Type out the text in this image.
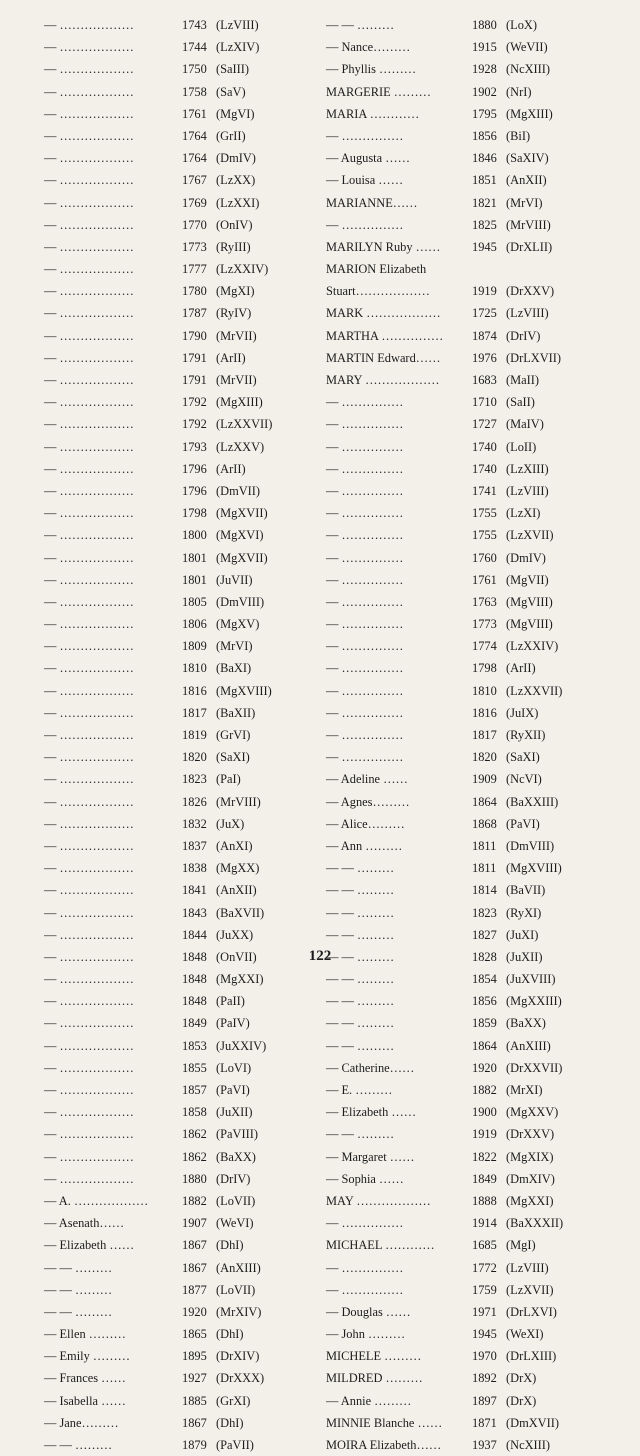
— ………………	1743 (LzVIII)
— ………………	1744 (LzXIV)
— ………………	1750 (SaIII)
— ………………	1758 (SaV)
— ………………	1761 (MgVI)
— ………………	1764 (GrII)
— ………………	1764 (DmIV)
— ………………	1767 (LzXX)
— ………………	1769 (LzXXI)
— ………………	1770 (OnIV)
— ………………	1773 (RyIII)
— ………………	1777 (LzXXIV)
— ………………	1780 (MgXI)
— ………………	1787 (RyIV)
— ………………	1790 (MrVII)
— ………………	1791 (ArII)
— ………………	1791 (MrVII)
— ………………	1792 (MgXIII)
— ………………	1792 (LzXXVII)
— ………………	1793 (LzXXV)
— ………………	1796 (ArII)
— ………………	1796 (DmVII)
— ………………	1798 (MgXVII)
— ………………	1800 (MgXVI)
— ………………	1801 (MgXVII)
— ………………	1801 (JuVII)
— ………………	1805 (DmVIII)
— ………………	1806 (MgXV)
— ………………	1809 (MrVI)
— ………………	1810 (BaXI)
— ………………	1816 (MgXVIII)
— ………………	1817 (BaXII)
— ………………	1819 (GrVI)
— ………………	1820 (SaXI)
— ………………	1823 (PaI)
— ………………	1826 (MrVIII)
— ………………	1832 (JuX)
— ………………	1837 (AnXI)
— ………………	1838 (MgXX)
— ………………	1841 (AnXII)
— ………………	1843 (BaXVII)
— ………………	1844 (JuXX)
— ………………	1848 (OnVII)
— ………………	1848 (MgXXI)
— ………………	1848 (PaII)
— ………………	1849 (PaIV)
— ………………	1853 (JuXXIV)
— ………………	1855 (LoVI)
— ………………	1857 (PaVI)
— ………………	1858 (JuXII)
— ………………	1862 (PaVIII)
— ………………	1862 (BaXX)
— ………………	1880 (DrIV)
— A. ………………	1882 (LoVII)
— Asenath……	1907 (WeVI)
— Elizabeth ……	1867 (DhI)
— — ………	1867 (AnXIII)
— — ………	1877 (LoVII)
— — ………	1920 (MrXIV)
— Ellen ………	1865 (DhI)
— Emily ………	1895 (DrXIV)
— Frances ……	1927 (DrXXX)
— Isabella ……	1885 (GrXI)
— Jane………	1867 (DhI)
— — ………	1879 (PaVII)
— — ………	1880 (LoX)
— Nance………	1915 (WeVII)
— Phyllis ………	1928 (NcXIII)
MARGERIE ………	1902 (NrI)
MARIA …………	1795 (MgXIII)
— ……………	1856 (BiI)
— Augusta ……	1846 (SaXIV)
— Louisa ……	1851 (AnXII)
MARIANNE……	1821 (MrVI)
— ……………	1825 (MrVIII)
MARILYN Ruby ……	1945 (DrXLII)
MARION Elizabeth
Stuart………………	1919 (DrXXV)
MARK ………………	1725 (LzVIII)
MARTHA …………… 1874 (DrIV)
MARTIN Edward……	1976 (DrLXVII)
MARY ………………	1683 (MaII)
— ……………	1710 (SaII)
— ……………	1727 (MaIV)
— ……………	1740 (LoII)
— ……………	1740 (LzXIII)
— ……………	1741 (LzVIII)
— ……………	1755 (LzXI)
— ……………	1755 (LzXVII)
— ……………	1760 (DmIV)
— ……………	1761 (MgVII)
— ……………	1763 (MgVIII)
— ……………	1773 (MgVIII)
— ……………	1774 (LzXXIV)
— ……………	1798 (ArII)
— ……………	1810 (LzXXVII)
— ……………	1816 (JuIX)
— ……………	1817 (RyXII)
— ……………	1820 (SaXI)
— Adeline ……	1909 (NcVI)
— Agnes………	1864 (BaXXIII)
— Alice………	1868 (PaVI)
— Ann ………	1811 (DmVIII)
— — ………	1811 (MgXVIII)
— — ………	1814 (BaVII)
— — ………	1823 (RyXI)
— — ………	1827 (JuXI)
— — ………	1828 (JuXII)
— — ………	1854 (JuXVIII)
— — ………	1856 (MgXXIII)
— — ………	1859 (BaXX)
— — ………	1864 (AnXIII)
— Catherine……	1920 (DrXXVII)
— E. ………	1882 (MrXI)
— Elizabeth ……	1900 (MgXXV)
— — ………	1919 (DrXXV)
— Margaret ……	1822 (MgXIX)
— Sophia ……	1849 (DmXIV)
MAY ………………	1888 (MgXXI)
— ……………	1914 (BaXXXII)
MICHAEL …………	1685 (MgI)
— ……………	1772 (LzVIII)
— ……………	1759 (LzXVII)
— Douglas ……	1971 (DrLXVI)
— John ………	1945 (WeXI)
MICHELE ………	1970 (DrLXIII)
MILDRED ………	1892 (DrX)
— Annie ………	1897 (DrX)
MINNIE Blanche …… 1871 (DmXVII)
MOIRA Elizabeth…… 1937 (NcXIII)
122
